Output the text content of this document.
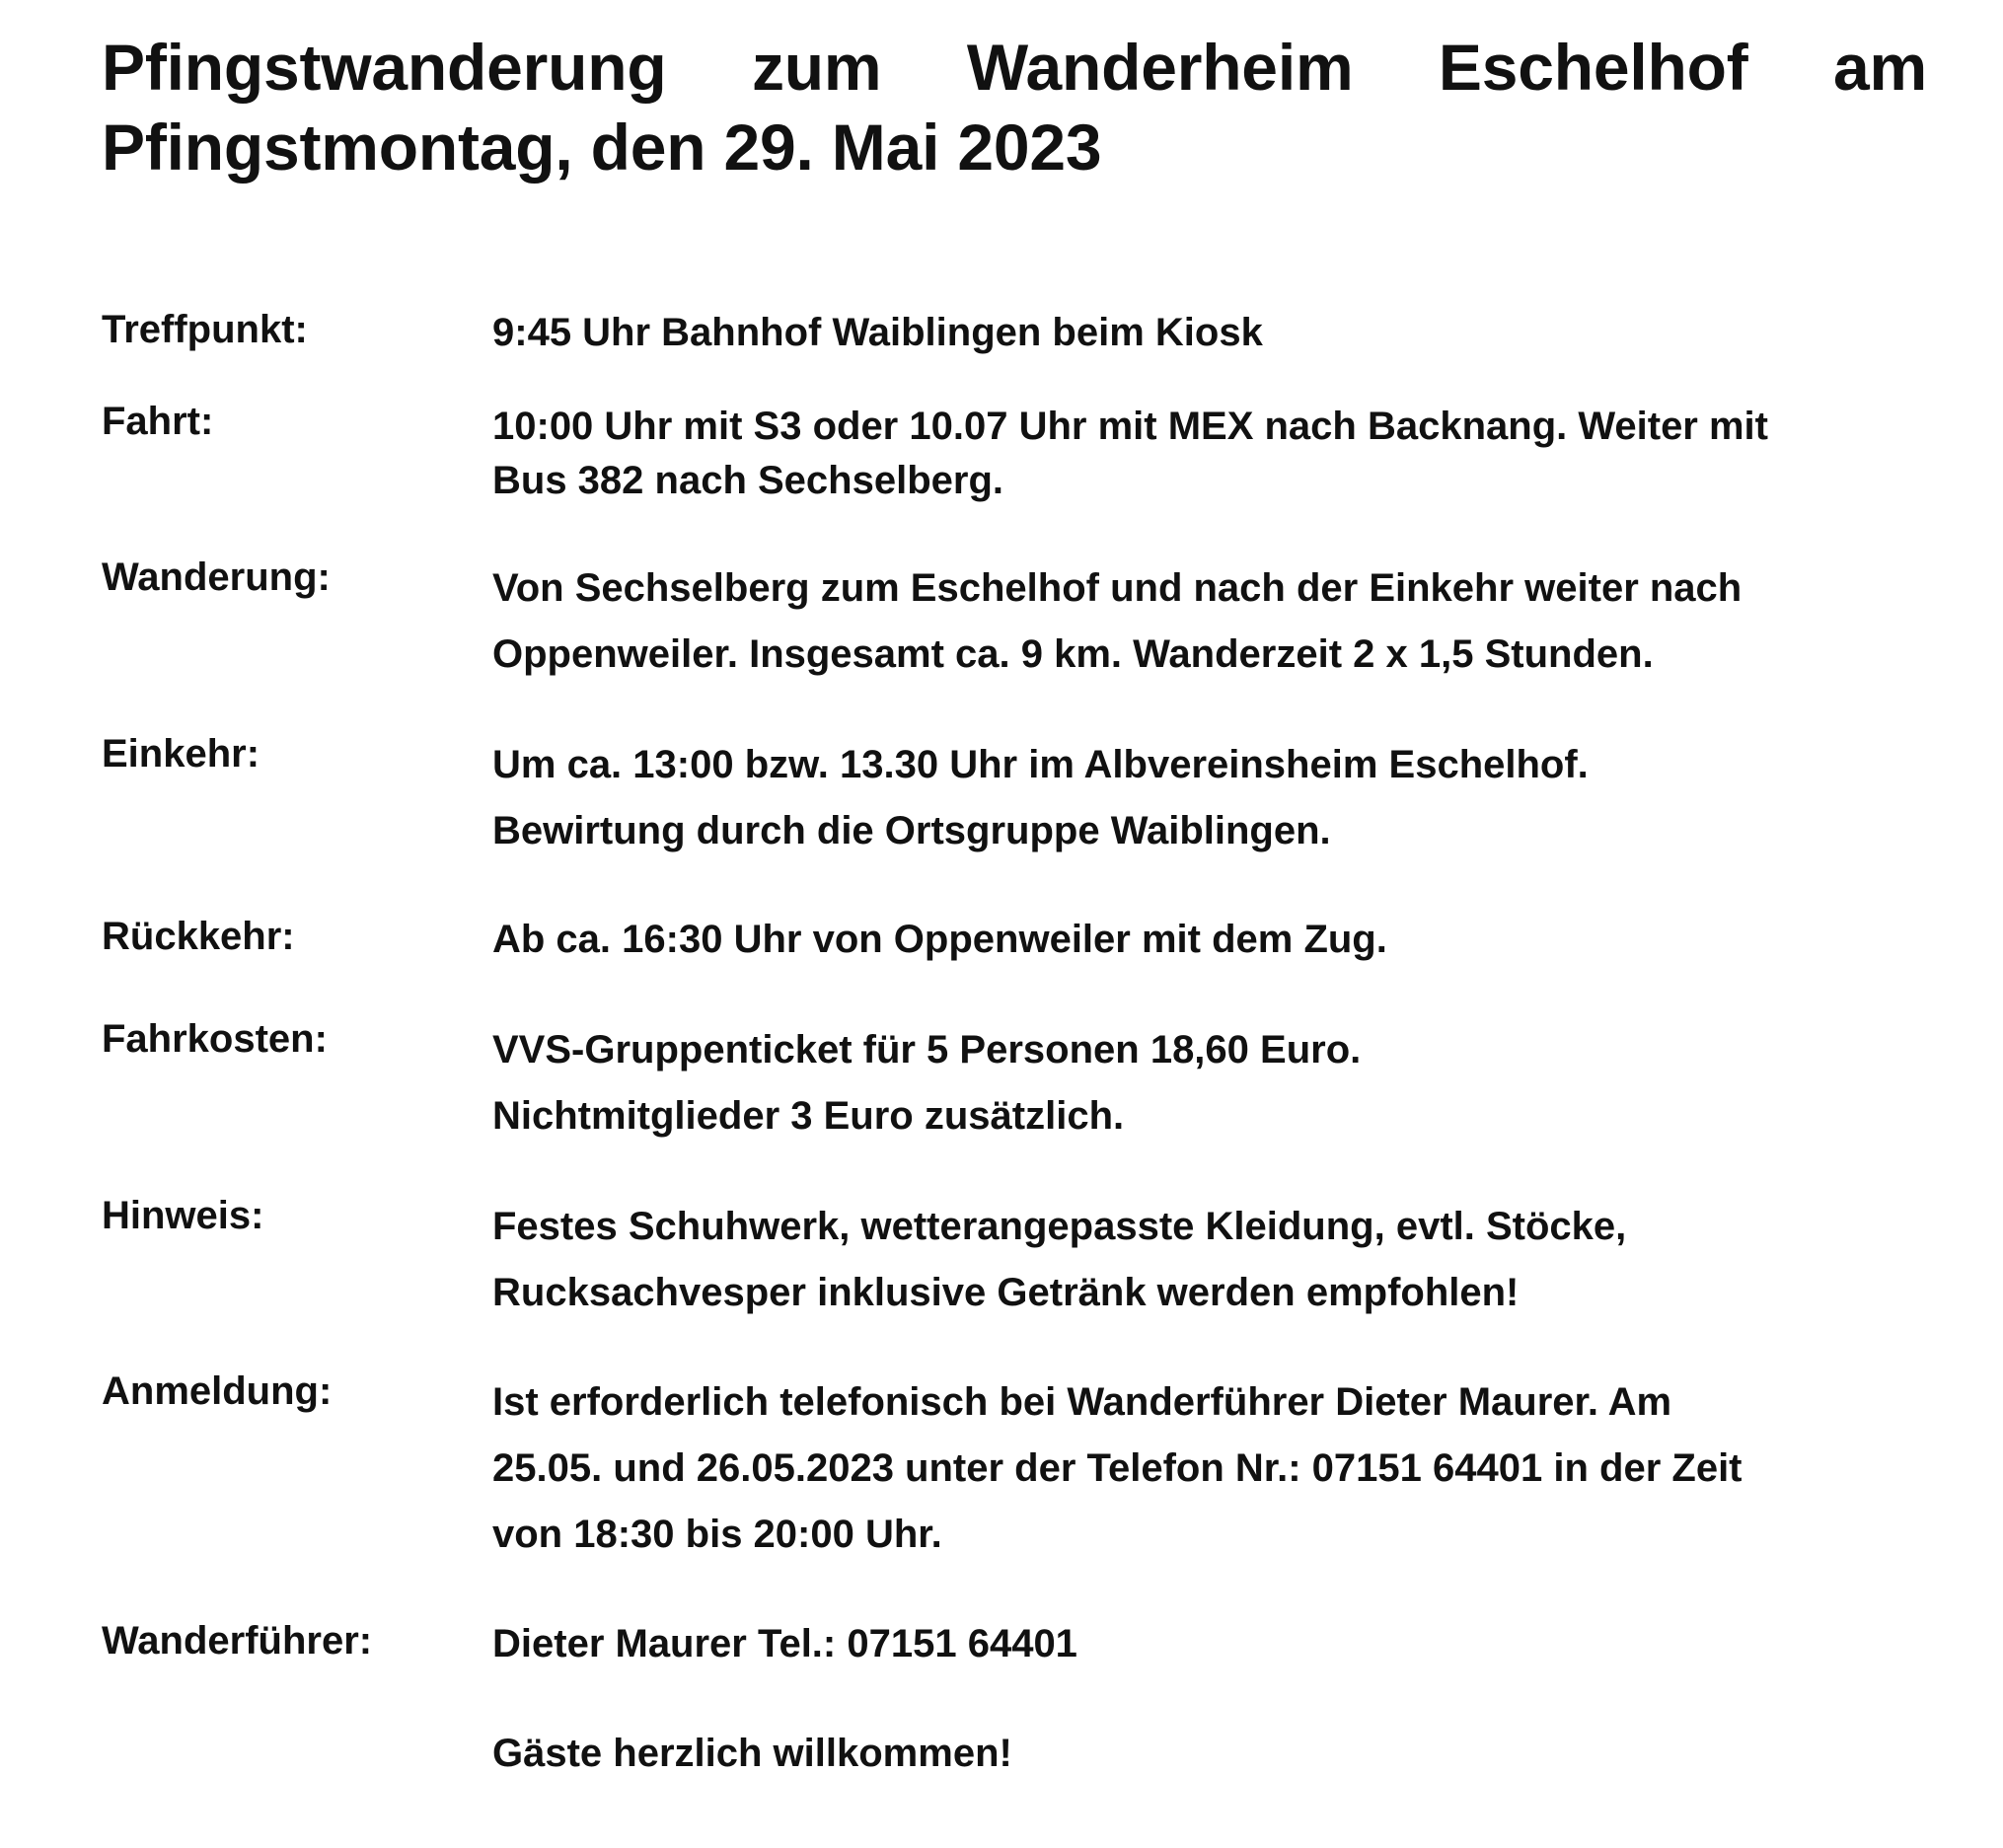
Pfingstwanderung zum Wanderheim Eschelhof am Pfingstmontag, den 29. Mai 2023
Treffpunkt:	9:45 Uhr Bahnhof Waiblingen beim Kiosk
Fahrt:	10:00 Uhr mit S3 oder 10.07 Uhr mit MEX nach Backnang. Weiter mit
Bus 382 nach Sechselberg.
Wanderung:	Von Sechselberg zum Eschelhof und nach der Einkehr weiter nach
Oppenweiler. Insgesamt ca. 9 km. Wanderzeit 2 x 1,5 Stunden.
Einkehr:	Um ca. 13:00 bzw. 13.30 Uhr im Albvereinsheim Eschelhof.
Bewirtung durch die Ortsgruppe Waiblingen.
Rückkehr:	Ab ca. 16:30 Uhr von Oppenweiler mit dem Zug.
Fahrkosten:	VVS-Gruppenticket für 5 Personen 18,60 Euro.
Nichtmitglieder 3 Euro zusätzlich.
Hinweis:	Festes Schuhwerk, wetterangepasste Kleidung, evtl. Stöcke,
Rucksachvesper inklusive Getränk werden empfohlen!
Anmeldung:	Ist erforderlich telefonisch bei Wanderführer Dieter Maurer. Am
25.05. und 26.05.2023 unter der Telefon Nr.: 07151 64401 in der Zeit
von 18:30 bis 20:00 Uhr.
Wanderführer:	Dieter Maurer Tel.: 07151 64401
Gäste herzlich willkommen!
